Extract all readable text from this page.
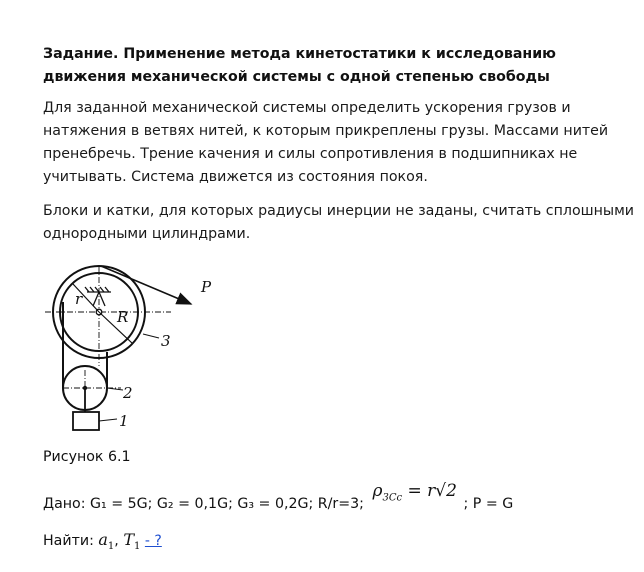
Задание. Применение метода кинетостатики к исследованию движения механической системы с одной степенью свободы

Для заданной механической системы определить ускорения грузов и натяжения в ветвях нитей, к которым прикреплены грузы. Массами нитей пренебречь. Трение качения и силы сопротивления в подшипниках не учитывать. Система движется из состояния покоя.

Блоки и катки, для которых радиусы инерции не заданы, считать сплошными однородными цилиндрами.

P
r
R
3
2
1

Рисунок 6.1

Дано: G₁ = 5G; G₂ = 0,1G; G₃ = 0,2G; R/r=3; $\rho_{3Сс} = r√2$ ; P = G
Найти: $a_1$, $T_1$ - ?
